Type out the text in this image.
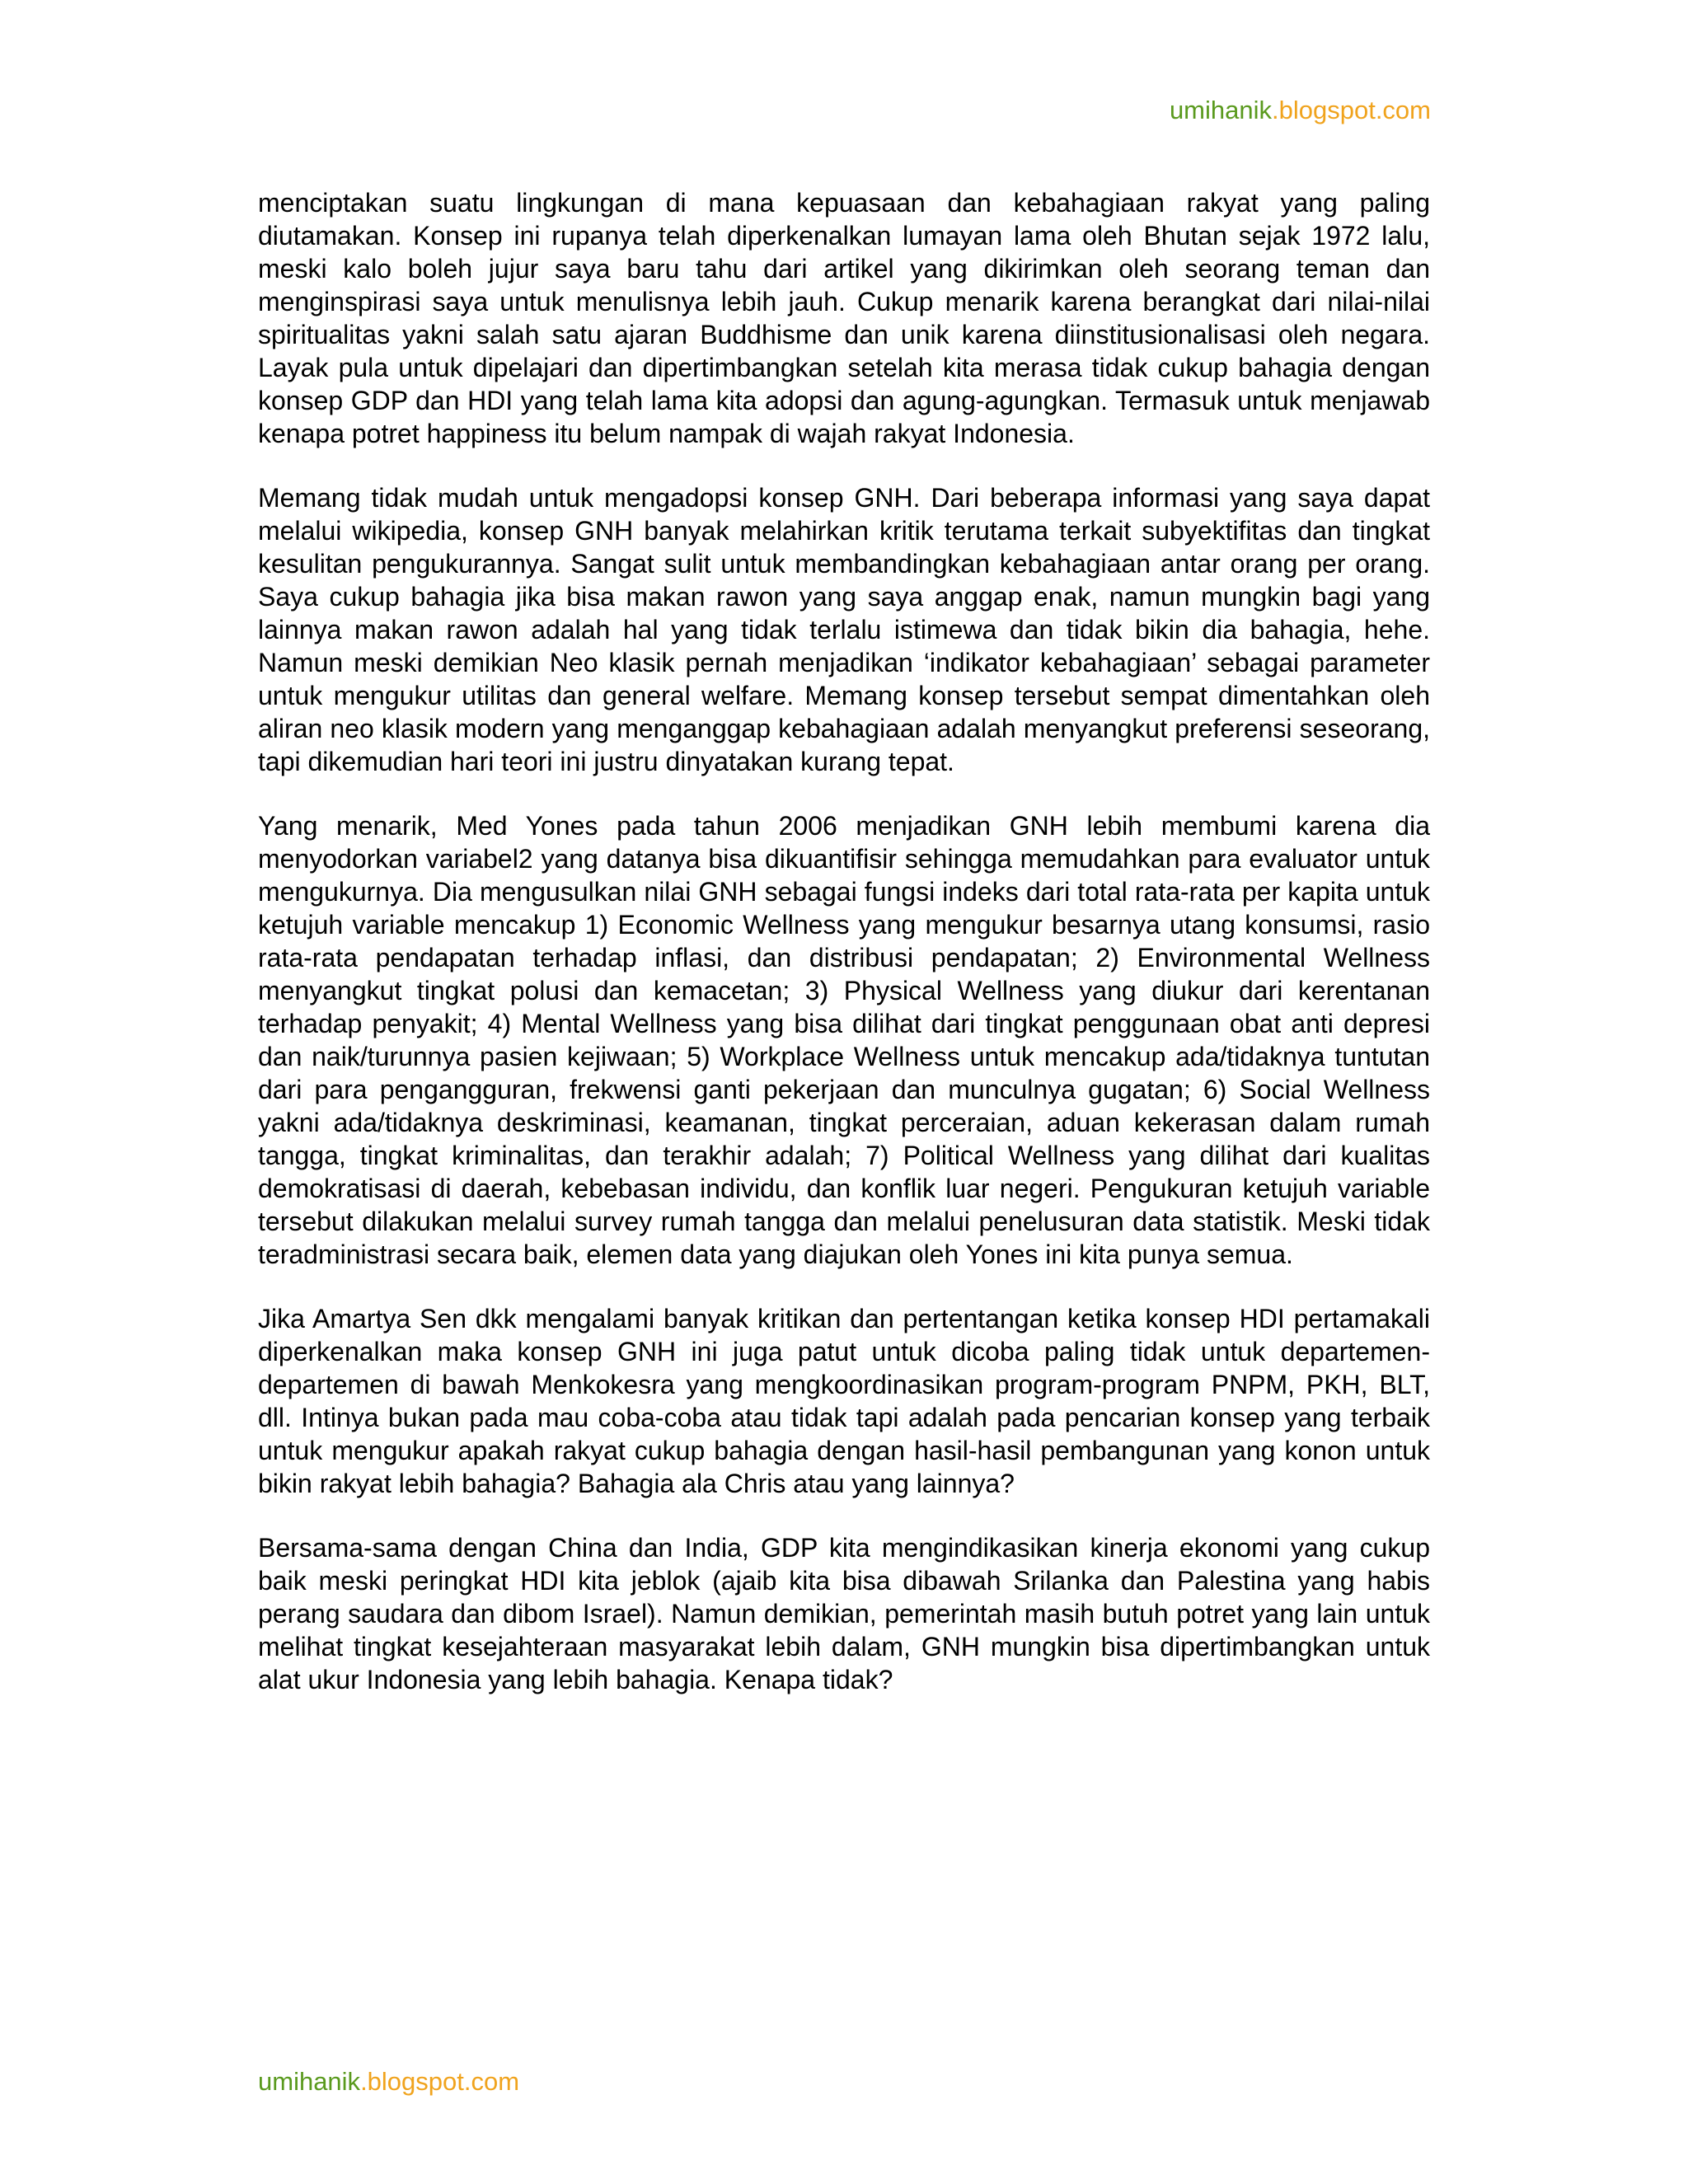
umihanik.blogspot.com

menciptakan suatu lingkungan di mana kepuasaan dan kebahagiaan rakyat yang paling diutamakan. Konsep ini rupanya telah diperkenalkan lumayan lama oleh Bhutan sejak 1972 lalu, meski kalo boleh jujur saya baru tahu dari artikel yang dikirimkan oleh seorang teman dan menginspirasi saya untuk menulisnya lebih jauh. Cukup menarik karena berangkat dari nilai-nilai spiritualitas yakni salah satu ajaran Buddhisme dan unik karena diinstitusionalisasi oleh negara. Layak pula untuk dipelajari dan dipertimbangkan setelah kita merasa tidak cukup bahagia dengan konsep GDP dan HDI yang telah lama kita adopsi dan agung-agungkan. Termasuk untuk menjawab kenapa potret happiness itu belum nampak di wajah rakyat Indonesia.

Memang tidak mudah untuk mengadopsi konsep GNH. Dari beberapa informasi yang saya dapat melalui wikipedia, konsep GNH banyak melahirkan kritik terutama terkait subyektifitas dan tingkat kesulitan pengukurannya. Sangat sulit untuk membandingkan kebahagiaan antar orang per orang. Saya cukup bahagia jika bisa makan rawon yang saya anggap enak, namun mungkin bagi yang lainnya makan rawon adalah hal yang tidak terlalu istimewa dan tidak bikin dia bahagia, hehe. Namun meski demikian Neo klasik pernah menjadikan ‘indikator kebahagiaan’ sebagai parameter untuk mengukur utilitas dan general welfare. Memang konsep tersebut sempat dimentahkan oleh aliran neo klasik modern yang menganggap kebahagiaan adalah menyangkut preferensi seseorang, tapi dikemudian hari teori ini justru dinyatakan kurang tepat.

Yang menarik, Med Yones pada tahun 2006 menjadikan GNH lebih membumi karena dia menyodorkan variabel2 yang datanya bisa dikuantifisir sehingga memudahkan para evaluator untuk mengukurnya. Dia mengusulkan nilai GNH sebagai fungsi indeks dari total rata-rata per kapita untuk ketujuh variable mencakup 1) Economic Wellness yang mengukur besarnya utang konsumsi, rasio rata-rata pendapatan terhadap inflasi, dan distribusi pendapatan; 2) Environmental Wellness menyangkut tingkat polusi dan kemacetan; 3) Physical Wellness yang diukur dari kerentanan terhadap penyakit; 4) Mental Wellness yang bisa dilihat dari tingkat penggunaan obat anti depresi dan naik/turunnya pasien kejiwaan; 5) Workplace Wellness untuk mencakup ada/tidaknya tuntutan dari para pengangguran, frekwensi ganti pekerjaan dan munculnya gugatan; 6) Social Wellness yakni ada/tidaknya deskriminasi, keamanan, tingkat perceraian, aduan kekerasan dalam rumah tangga, tingkat kriminalitas, dan terakhir adalah; 7) Political Wellness yang dilihat dari kualitas demokratisasi di daerah, kebebasan individu, dan konflik luar negeri. Pengukuran ketujuh variable tersebut dilakukan melalui survey rumah tangga dan melalui penelusuran data statistik. Meski tidak teradministrasi secara baik, elemen data yang diajukan oleh Yones ini kita punya semua.

Jika Amartya Sen dkk mengalami banyak kritikan dan pertentangan ketika konsep HDI pertamakali diperkenalkan maka konsep GNH ini juga patut untuk dicoba paling tidak untuk departemen-departemen di bawah Menkokesra yang mengkoordinasikan program-program PNPM, PKH, BLT, dll. Intinya bukan pada mau coba-coba atau tidak tapi adalah pada pencarian konsep yang terbaik untuk mengukur apakah rakyat cukup bahagia dengan hasil-hasil pembangunan yang konon untuk bikin rakyat lebih bahagia? Bahagia ala Chris atau yang lainnya?

Bersama-sama dengan China dan India, GDP kita mengindikasikan kinerja ekonomi yang cukup baik meski peringkat HDI kita jeblok (ajaib kita bisa dibawah Srilanka dan Palestina yang habis perang saudara dan dibom Israel). Namun demikian, pemerintah masih butuh potret yang lain untuk melihat tingkat kesejahteraan masyarakat lebih dalam, GNH mungkin bisa dipertimbangkan untuk alat ukur Indonesia yang lebih bahagia. Kenapa tidak?

umihanik.blogspot.com
